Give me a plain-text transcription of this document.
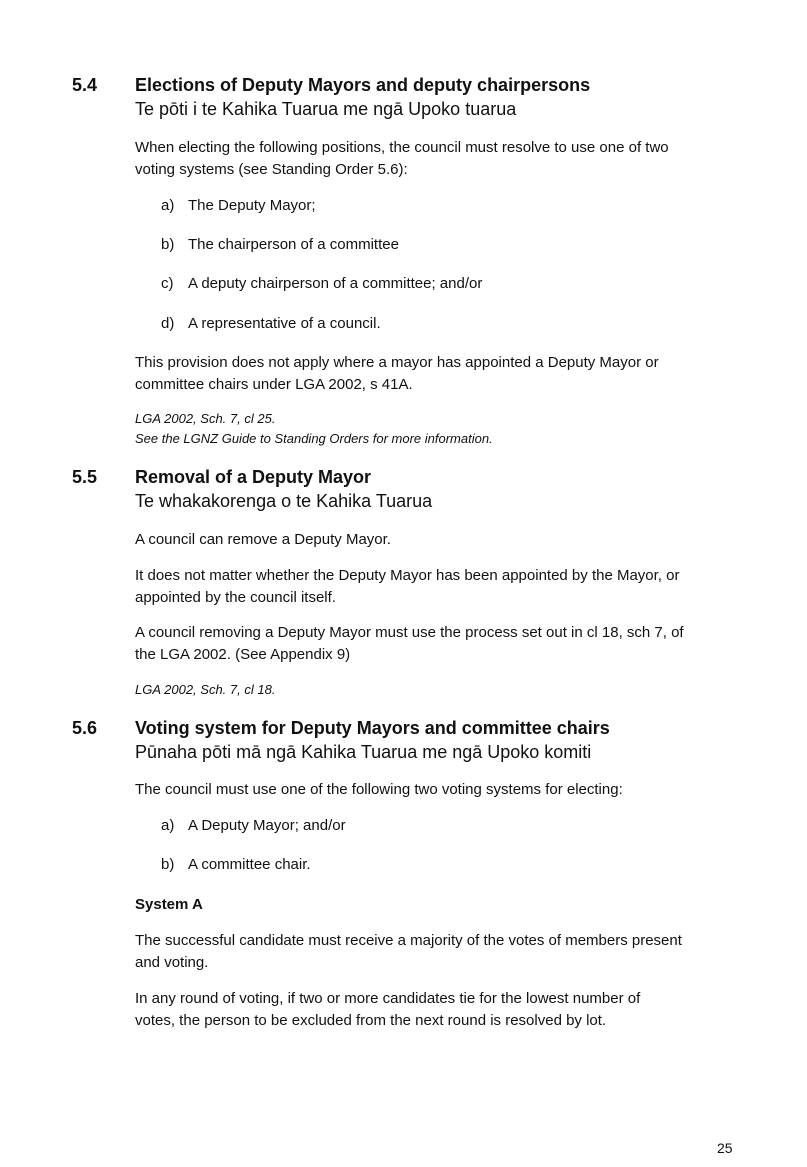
5.4 Elections of Deputy Mayors and deputy chairpersons
Te pōti i te Kahika Tuarua me ngā Upoko tuarua
When electing the following positions, the council must resolve to use one of two
voting systems (see Standing Order 5.6):
a) The Deputy Mayor;
b) The chairperson of a committee
c) A deputy chairperson of a committee; and/or
d) A representative of a council.
This provision does not apply where a mayor has appointed a Deputy Mayor or
committee chairs under LGA 2002, s 41A.
LGA 2002, Sch. 7, cl 25.
See the LGNZ Guide to Standing Orders for more information.
5.5 Removal of a Deputy Mayor
Te whakakorenga o te Kahika Tuarua
A council can remove a Deputy Mayor.
It does not matter whether the Deputy Mayor has been appointed by the Mayor, or
appointed by the council itself.
A council removing a Deputy Mayor must use the process set out in cl 18, sch 7, of
the LGA 2002. (See Appendix 9)
LGA 2002, Sch. 7, cl 18.
5.6 Voting system for Deputy Mayors and committee chairs
Pūnaha pōti mā ngā Kahika Tuarua me ngā Upoko komiti
The council must use one of the following two voting systems for electing:
a) A Deputy Mayor; and/or
b) A committee chair.
System A
The successful candidate must receive a majority of the votes of members present
and voting.
In any round of voting, if two or more candidates tie for the lowest number of
votes, the person to be excluded from the next round is resolved by lot.
25
